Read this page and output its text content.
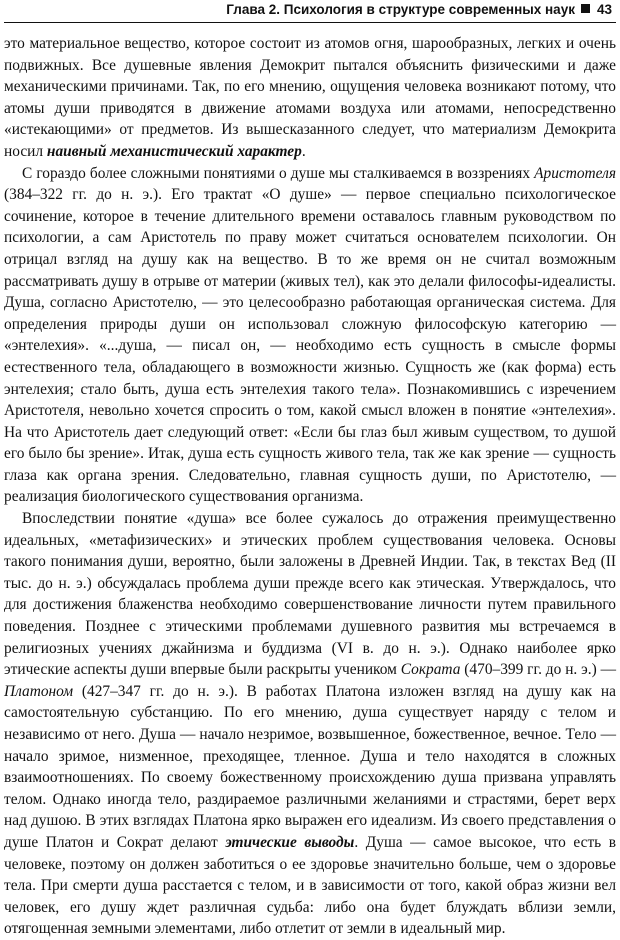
Глава 2. Психология в структуре современных наук 43

это материальное вещество, которое состоит из атомов огня, шарообразных, легких и очень подвижных. Все душевные явления Демокрит пытался объяснить физическими и даже механическими причинами. Так, по его мнению, ощущения человека возникают потому, что атомы души приводятся в движение атомами воздуха или атомами, непосредственно «истекающими» от предметов. Из вышесказанного следует, что материализм Демокрита носил наивный механистический характер.

С гораздо более сложными понятиями о душе мы сталкиваемся в воззрениях Аристотеля (384–322 гг. до н. э.). Его трактат «О душе» — первое специально психологическое сочинение, которое в течение длительного времени оставалось главным руководством по психологии, а сам Аристотель по праву может считаться основателем психологии. Он отрицал взгляд на душу как на вещество. В то же время он не считал возможным рассматривать душу в отрыве от материи (живых тел), как это делали философы-идеалисты. Душа, согласно Аристотелю, — это целесообразно работающая органическая система. Для определения природы души он использовал сложную философскую категорию — «энтелехия». «...душа, — писал он, — необходимо есть сущность в смысле формы естественного тела, обладающего в возможности жизнью. Сущность же (как форма) есть энтелехия; стало быть, душа есть энтелехия такого тела». Познакомившись с изречением Аристотеля, невольно хочется спросить о том, какой смысл вложен в понятие «энтелехия». На что Аристотель дает следующий ответ: «Если бы глаз был живым существом, то душой его было бы зрение». Итак, душа есть сущность живого тела, так же как зрение — сущность глаза как органа зрения. Следовательно, главная сущность души, по Аристотелю, — реализация биологического существования организма.

Впоследствии понятие «душа» все более сужалось до отражения преимущественно идеальных, «метафизических» и этических проблем существования человека. Основы такого понимания души, вероятно, были заложены в Древней Индии. Так, в текстах Вед (II тыс. до н. э.) обсуждалась проблема души прежде всего как этическая. Утверждалось, что для достижения блаженства необходимо совершенствование личности путем правильного поведения. Позднее с этическими проблемами душевного развития мы встречаемся в религиозных учениях джайнизма и буддизма (VI в. до н. э.). Однако наиболее ярко этические аспекты души впервые были раскрыты учеником Сократа (470–399 гг. до н. э.) — Платоном (427–347 гг. до н. э.). В работах Платона изложен взгляд на душу как на самостоятельную субстанцию. По его мнению, душа существует наряду с телом и независимо от него. Душа — начало незримое, возвышенное, божественное, вечное. Тело — начало зримое, низменное, преходящее, тленное. Душа и тело находятся в сложных взаимоотношениях. По своему божественному происхождению душа призвана управлять телом. Однако иногда тело, раздираемое различными желаниями и страстями, берет верх над душою. В этих взглядах Платона ярко выражен его идеализм. Из своего представления о душе Платон и Сократ делают этические выводы. Душа — самое высокое, что есть в человеке, поэтому он должен заботиться о ее здоровье значительно больше, чем о здоровье тела. При смерти душа расстается с телом, и в зависимости от того, какой образ жизни вел человек, его душу ждет различная судьба: либо она будет блуждать вблизи земли, отягощенная земными элементами, либо отлетит от земли в идеальный мир.
